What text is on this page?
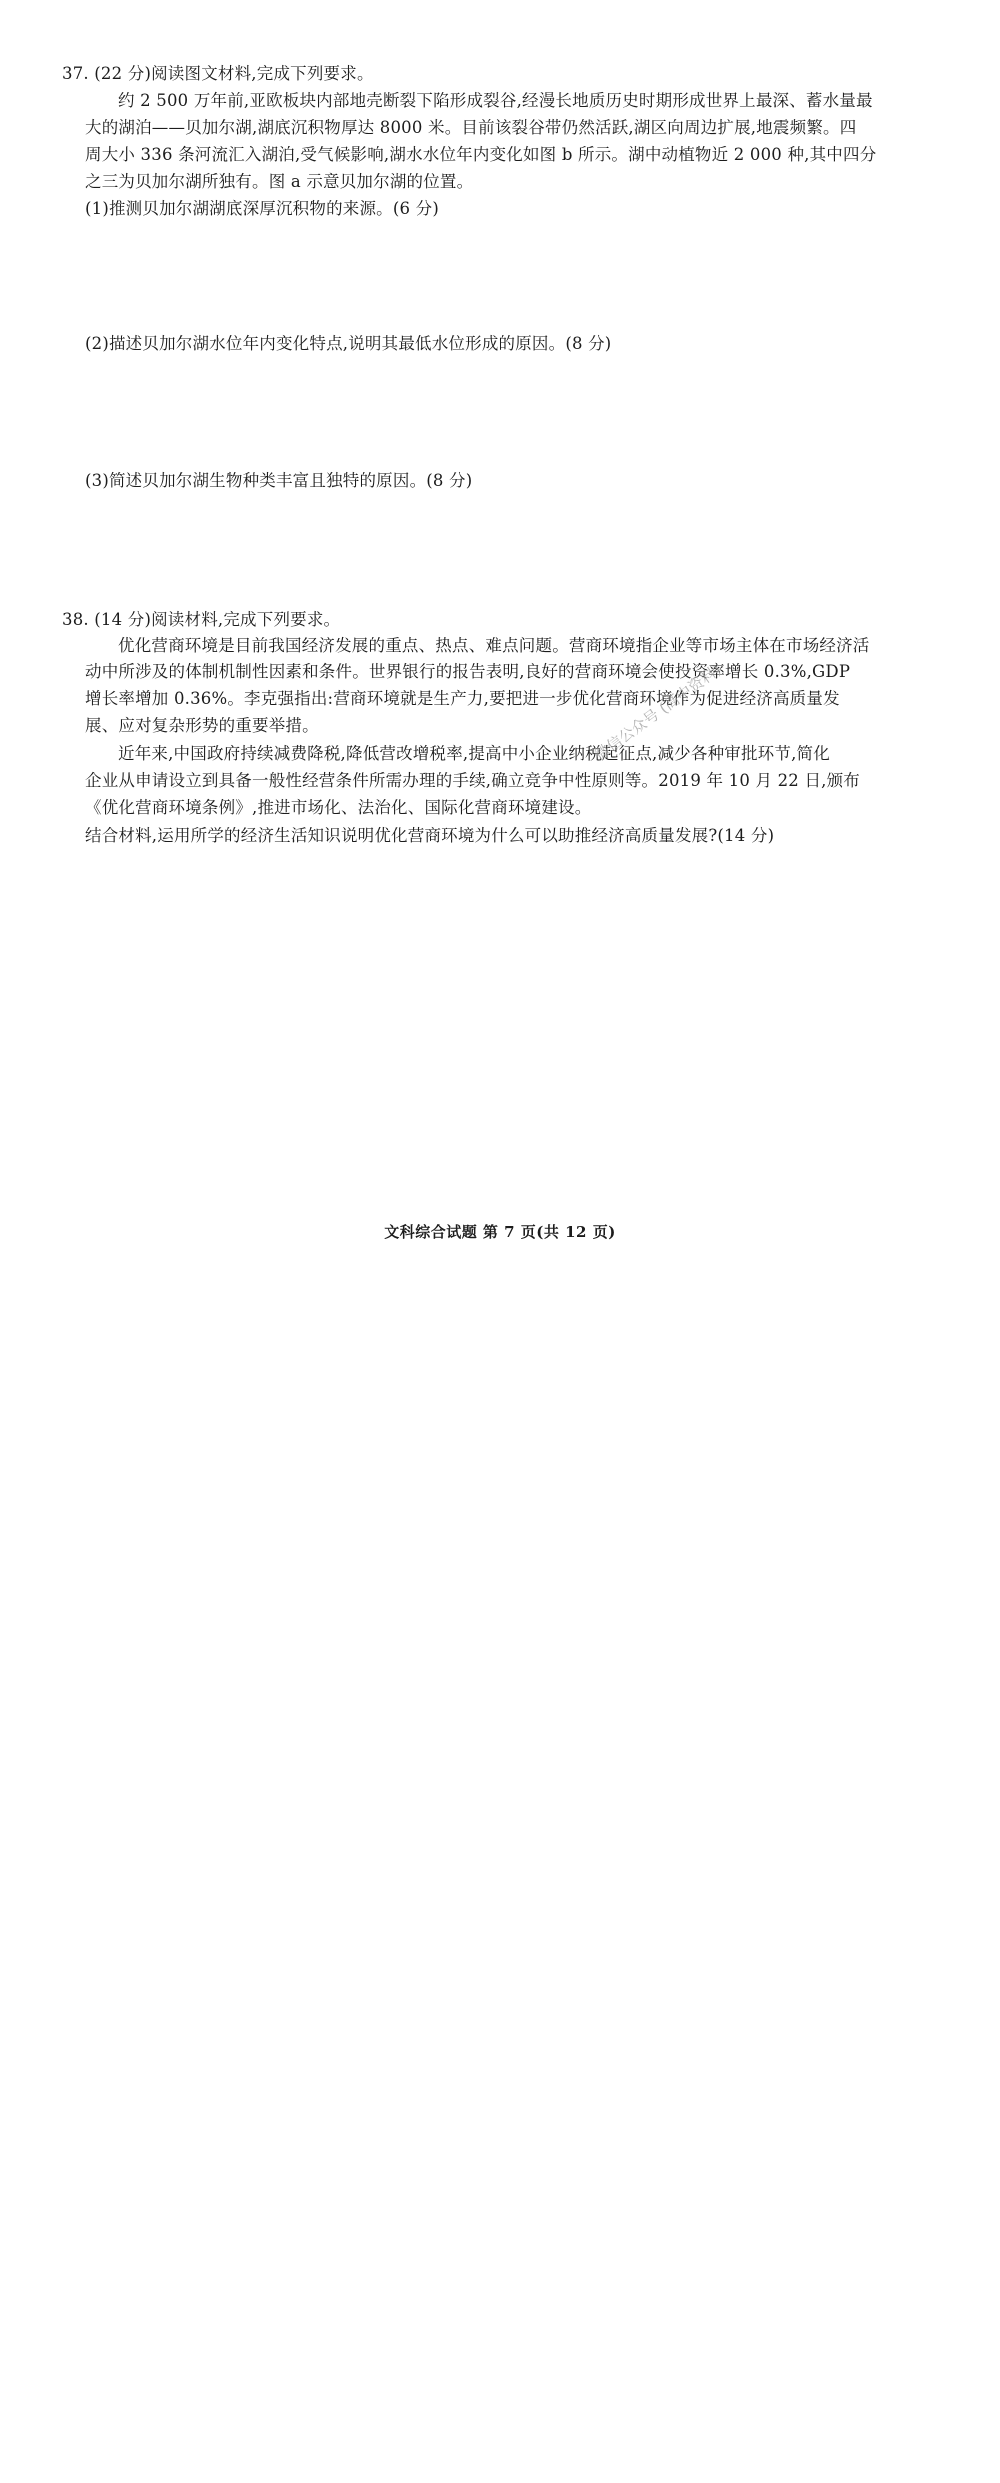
37. (22 分)阅读图文材料,完成下列要求。
约 2 500 万年前,亚欧板块内部地壳断裂下陷形成裂谷,经漫长地质历史时期形成世界上最深、蓄水量最
大的湖泊——贝加尔湖,湖底沉积物厚达 8000 米。目前该裂谷带仍然活跃,湖区向周边扩展,地震频繁。四
周大小 336 条河流汇入湖泊,受气候影响,湖水水位年内变化如图 b 所示。湖中动植物近 2 000 种,其中四分
之三为贝加尔湖所独有。图 a 示意贝加尔湖的位置。
(1)推测贝加尔湖湖底深厚沉积物的来源。(6 分)
(2)描述贝加尔湖水位年内变化特点,说明其最低水位形成的原因。(8 分)
(3)简述贝加尔湖生物种类丰富且独特的原因。(8 分)
38. (14 分)阅读材料,完成下列要求。
优化营商环境是目前我国经济发展的重点、热点、难点问题。营商环境指企业等市场主体在市场经济活
动中所涉及的体制机制性因素和条件。世界银行的报告表明,良好的营商环境会使投资率增长 0.3%,GDP
增长率增加 0.36%。李克强指出:营商环境就是生产力,要把进一步优化营商环境作为促进经济高质量发
展、应对复杂形势的重要举措。
近年来,中国政府持续减费降税,降低营改增税率,提高中小企业纳税起征点,减少各种审批环节,简化
企业从申请设立到具备一般性经营条件所需办理的手续,确立竞争中性原则等。2019 年 10 月 22 日,颁布
《优化营商环境条例》,推进市场化、法治化、国际化营商环境建设。
结合材料,运用所学的经济生活知识说明优化营商环境为什么可以助推经济高质量发展?(14 分)
微信公众号 (高中资料)
文科综合试题 第 7 页(共 12 页)
